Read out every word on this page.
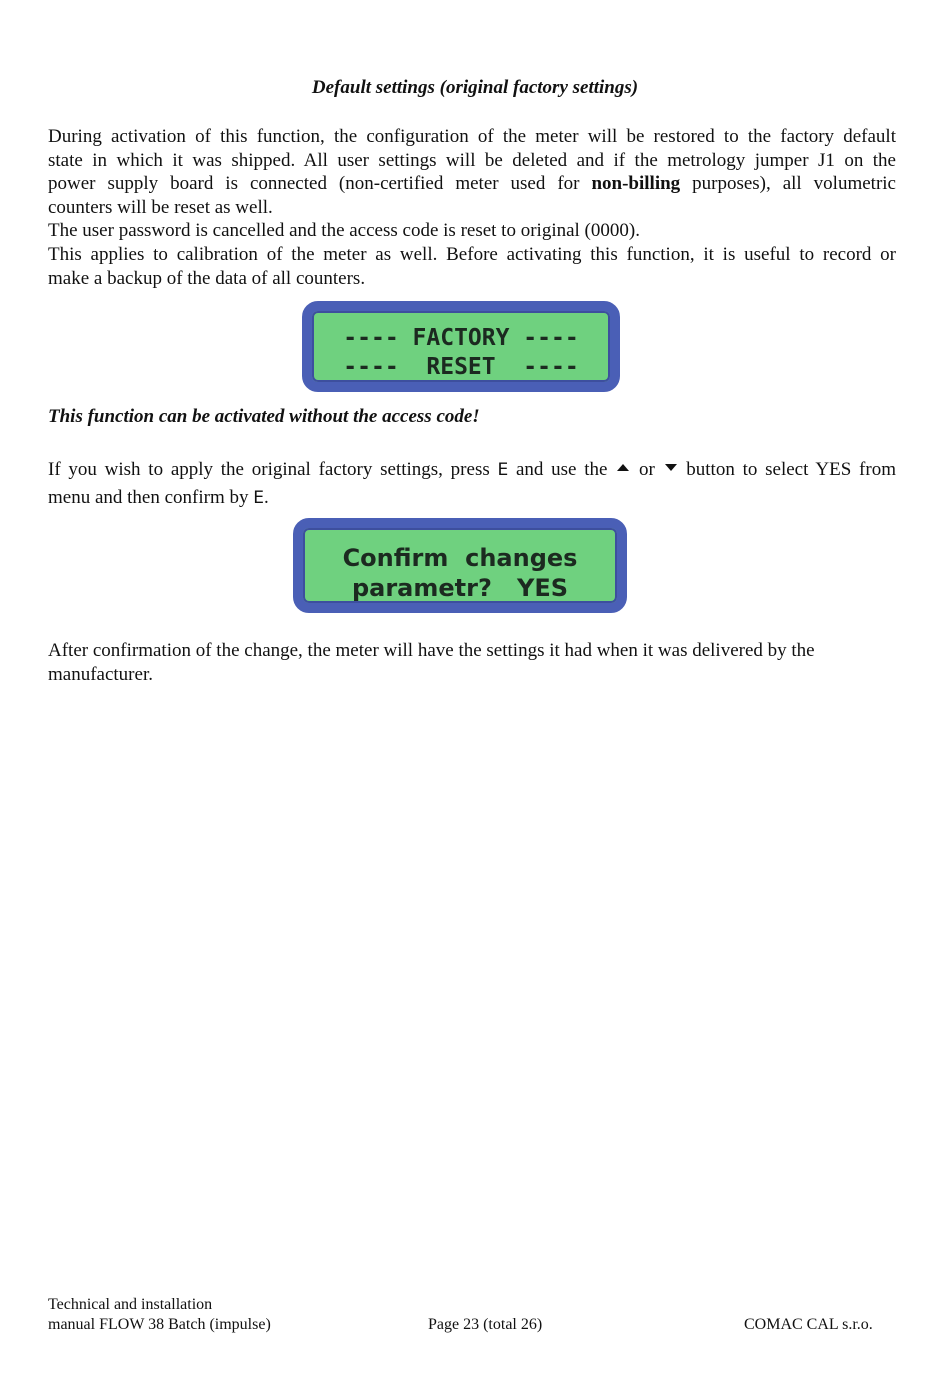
Default settings (original factory settings)
During activation of this function, the configuration of the meter will be restored to the factory default
state in which it was shipped. All user settings will be deleted and if the metrology jumper J1 on the
power supply board is connected (non-certified meter used for non-billing purposes), all volumetric
counters will be reset as well.
The user password is cancelled and the access code is reset to original (0000).
This applies to calibration of the meter as well. Before activating this function, it is useful to record or
make a backup of the data of all counters.
---- FACTORY ----
----  RESET  ----
This function can be activated without the access code!
If you wish to apply the original factory settings, press E and use the  or  button to select YES from
menu and then confirm by E.
Confirm  changes
parametr?   YES
After confirmation of the change, the meter will have the settings it had when it was delivered by the
manufacturer.
Technical and installation
manual FLOW 38 Batch (impulse)	Page 23 (total 26)	COMAC CAL s.r.o.
